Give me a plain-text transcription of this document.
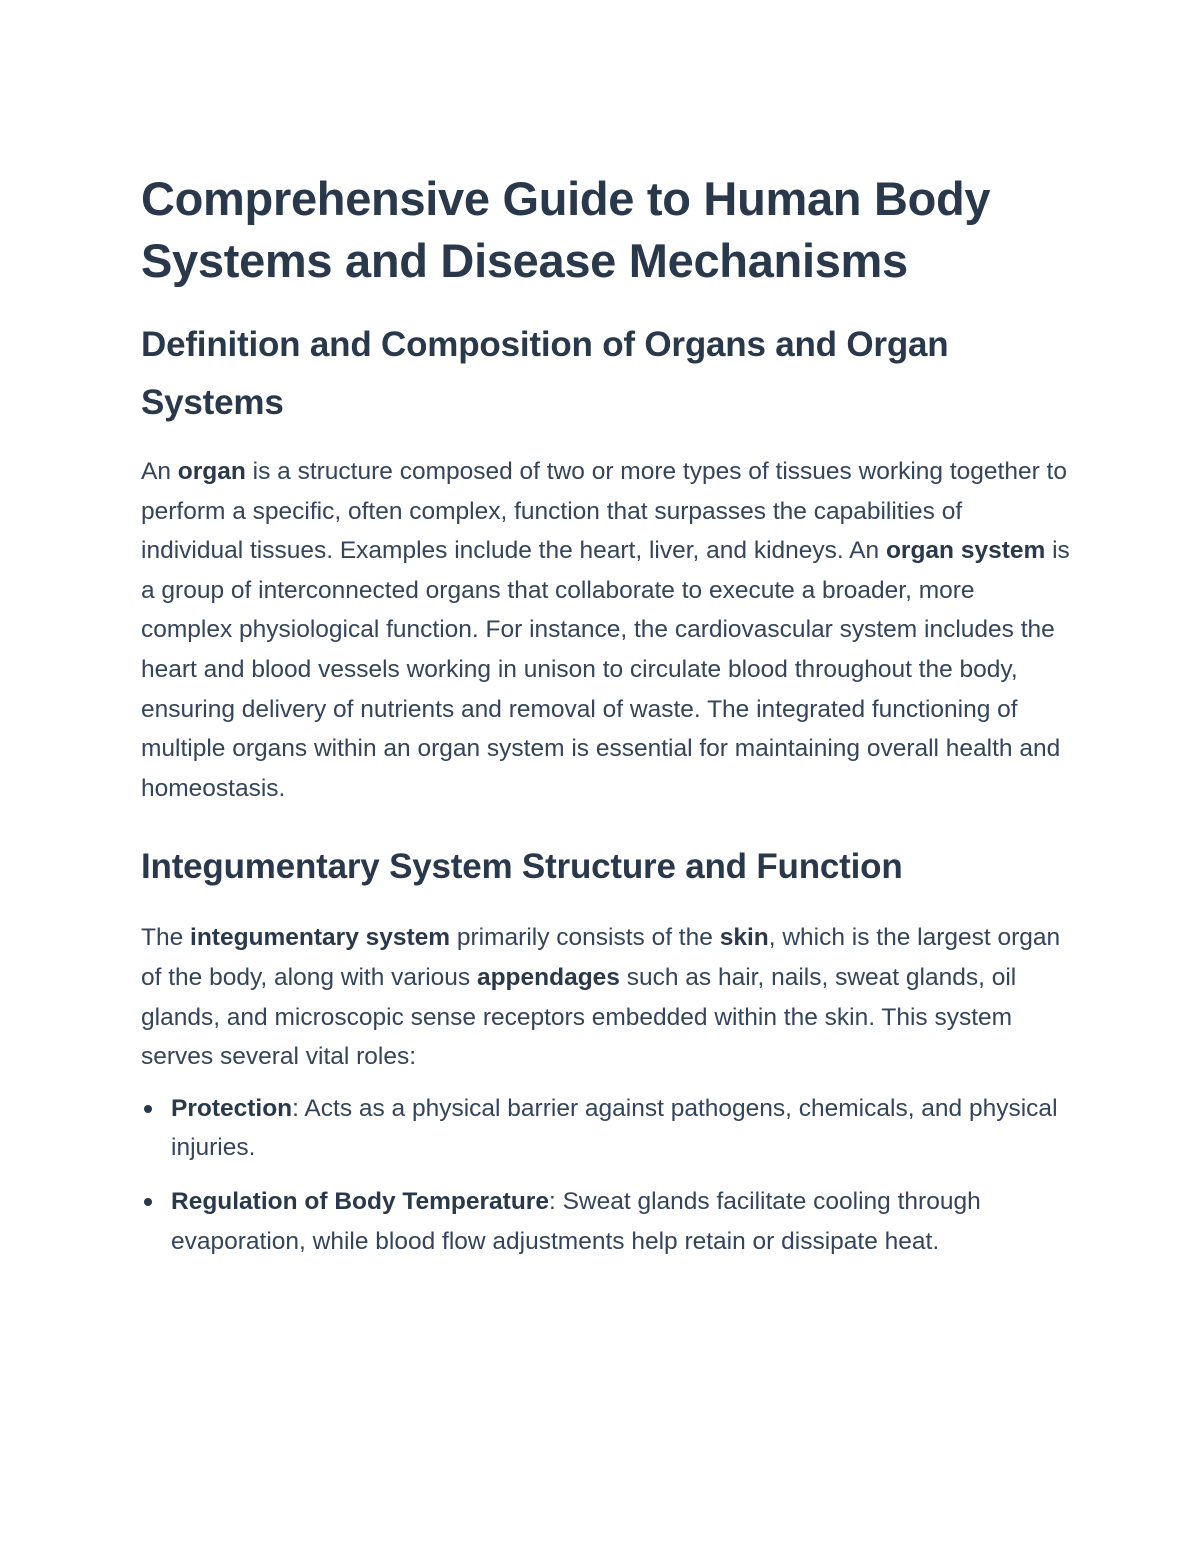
Comprehensive Guide to Human Body Systems and Disease Mechanisms
Definition and Composition of Organs and Organ Systems

An organ is a structure composed of two or more types of tissues working together to perform a specific, often complex, function that surpasses the capabilities of individual tissues. Examples include the heart, liver, and kidneys. An organ system is a group of interconnected organs that collaborate to execute a broader, more complex physiological function. For instance, the cardiovascular system includes the heart and blood vessels working in unison to circulate blood throughout the body, ensuring delivery of nutrients and removal of waste. The integrated functioning of multiple organs within an organ system is essential for maintaining overall health and homeostasis.

Integumentary System Structure and Function

The integumentary system primarily consists of the skin, which is the largest organ of the body, along with various appendages such as hair, nails, sweat glands, oil glands, and microscopic sense receptors embedded within the skin. This system serves several vital roles:

Protection: Acts as a physical barrier against pathogens, chemicals, and physical injuries.
Regulation of Body Temperature: Sweat glands facilitate cooling through evaporation, while blood flow adjustments help retain or dissipate heat.
